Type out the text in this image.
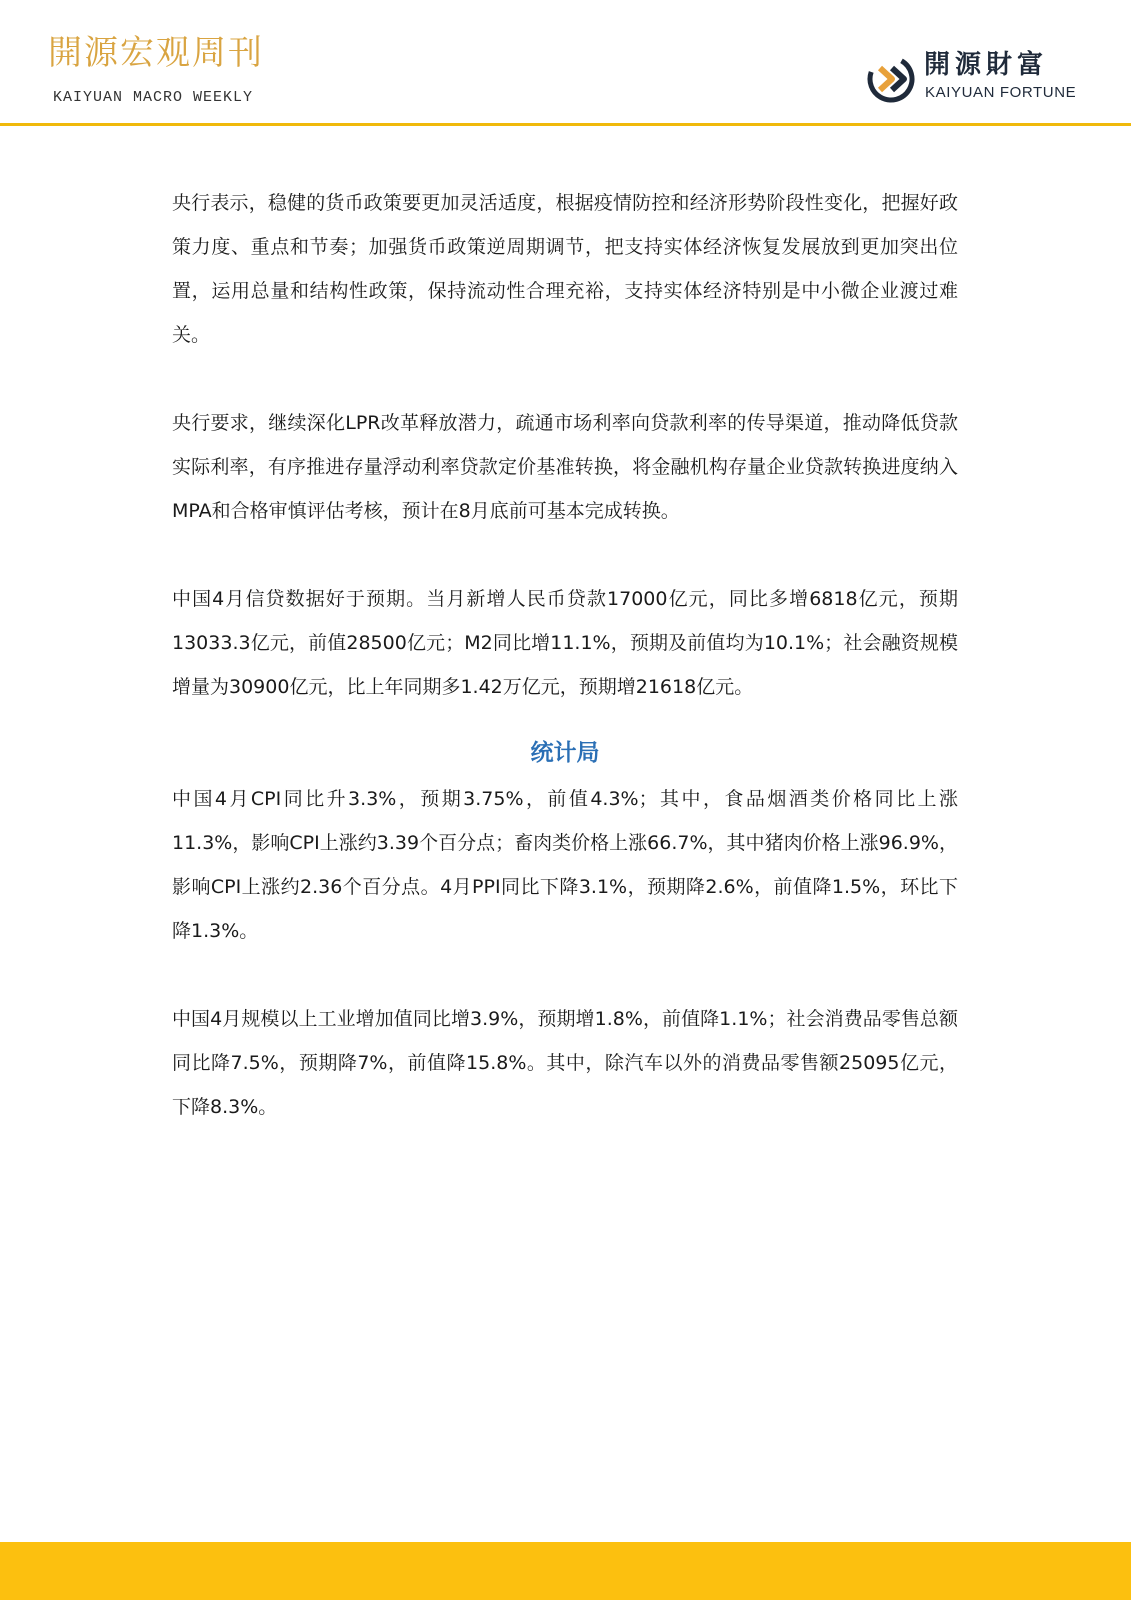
開源宏观周刊
KAIYUAN MACRO WEEKLY
開源財富
KAIYUAN FORTUNE

央行表示，稳健的货币政策要更加灵活适度，根据疫情防控和经济形势阶段性变化，把握好政策力度、重点和节奏；加强货币政策逆周期调节，把支持实体经济恢复发展放到更加突出位置，运用总量和结构性政策，保持流动性合理充裕，支持实体经济特别是中小微企业渡过难关。

央行要求，继续深化LPR改革释放潜力，疏通市场利率向贷款利率的传导渠道，推动降低贷款实际利率，有序推进存量浮动利率贷款定价基准转换，将金融机构存量企业贷款转换进度纳入MPA和合格审慎评估考核，预计在8月底前可基本完成转换。

中国4月信贷数据好于预期。当月新增人民币贷款17000亿元，同比多增6818亿元，预期13033.3亿元，前值28500亿元；M2同比增11.1%，预期及前值均为10.1%；社会融资规模增量为30900亿元，比上年同期多1.42万亿元，预期增21618亿元。

统计局

中国4月CPI同比升3.3%，预期3.75%，前值4.3%；其中，食品烟酒类价格同比上涨11.3%，影响CPI上涨约3.39个百分点；畜肉类价格上涨66.7%，其中猪肉价格上涨96.9%，影响CPI上涨约2.36个百分点。4月PPI同比下降3.1%，预期降2.6%，前值降1.5%，环比下降1.3%。

中国4月规模以上工业增加值同比增3.9%，预期增1.8%，前值降1.1%；社会消费品零售总额同比降7.5%，预期降7%，前值降15.8%。其中，除汽车以外的消费品零售额25095亿元，下降8.3%。
